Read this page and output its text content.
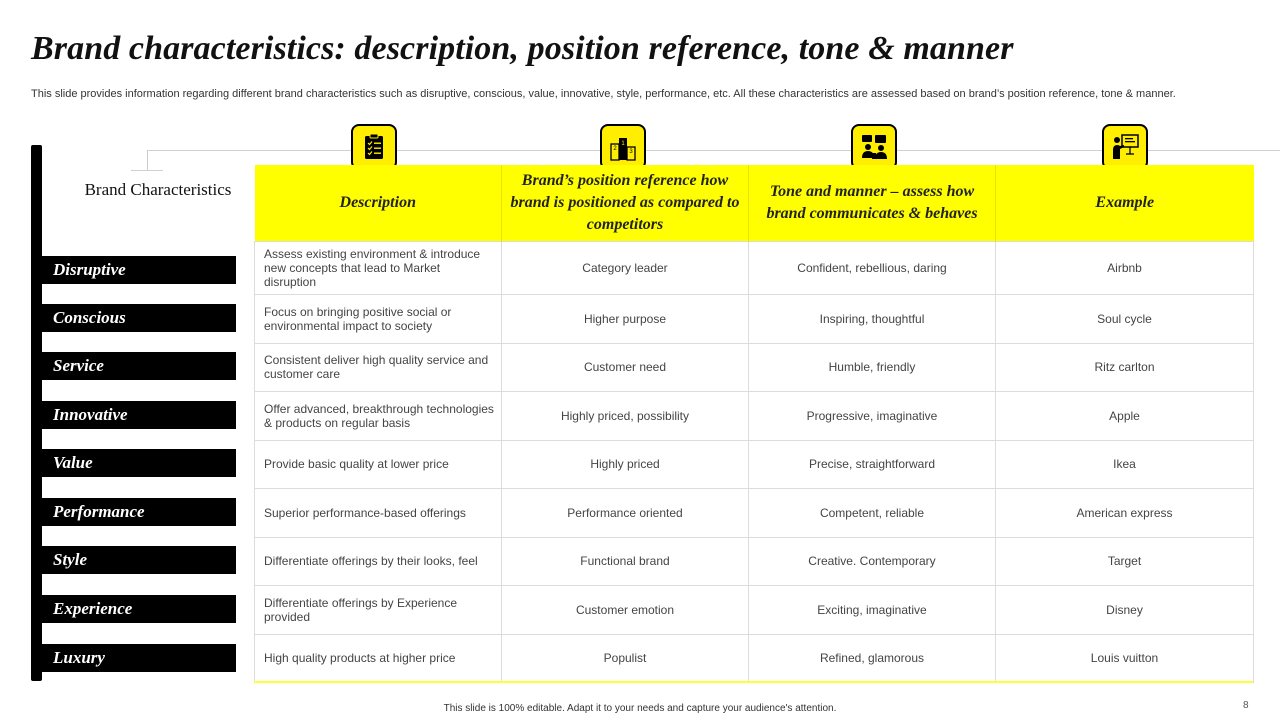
Brand characteristics: description, position reference, tone & manner

This slide provides information regarding different brand characteristics such as disruptive, conscious, value, innovative, style, performance, etc. All these characteristics are assessed based on brand’s position reference, tone & manner.

Brand Characteristics
Disruptive
Conscious
Service
Innovative
Value
Performance
Style
Experience
Luxury
2
1
3
Description	Brand’s position reference how brand is positioned as compared to competitors	Tone and manner – assess how brand communicates & behaves	Example
Assess existing environment & introduce new concepts that lead to Market disruption	Category leader	Confident, rebellious, daring	Airbnb
Focus on bringing positive social or environmental impact to society	Higher purpose	Inspiring, thoughtful	Soul cycle
Consistent deliver high quality service and customer care	Customer need	Humble, friendly	Ritz carlton
Offer advanced, breakthrough technologies & products on regular basis	Highly priced, possibility	Progressive, imaginative	Apple
Provide basic quality at lower price	Highly priced	Precise, straightforward	Ikea
Superior performance-based offerings	Performance oriented	Competent, reliable	American express
Differentiate offerings by their looks, feel	Functional brand	Creative. Contemporary	Target
Differentiate offerings by Experience provided	Customer emotion	Exciting, imaginative	Disney
High quality products at higher price	Populist	Refined, glamorous	Louis vuitton
This slide is 100% editable. Adapt it to your needs and capture your audience's attention.	8
